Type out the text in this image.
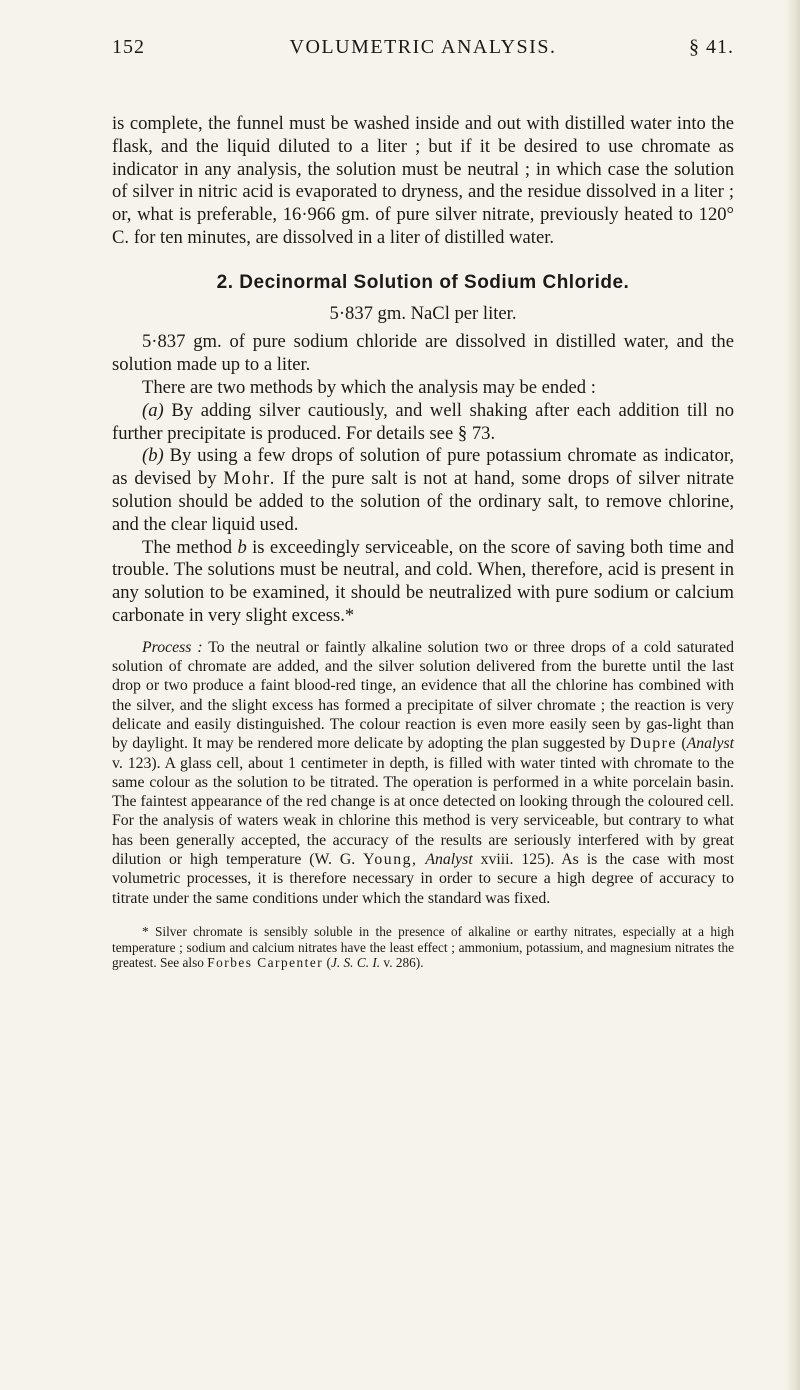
152	VOLUMETRIC ANALYSIS.	§ 41.

is complete, the funnel must be washed inside and out with distilled water into the flask, and the liquid diluted to a liter ; but if it be desired to use chromate as indicator in any analysis, the solution must be neutral ; in which case the solution of silver in nitric acid is evaporated to dryness, and the residue dissolved in a liter ; or, what is preferable, 16·966 gm. of pure silver nitrate, previously heated to 120° C. for ten minutes, are dissolved in a liter of distilled water.

2. Decinormal Solution of Sodium Chloride.
5·837 gm. NaCl per liter.

5·837 gm. of pure sodium chloride are dissolved in distilled water, and the solution made up to a liter.

There are two methods by which the analysis may be ended :

(a) By adding silver cautiously, and well shaking after each addition till no further precipitate is produced. For details see § 73.

(b) By using a few drops of solution of pure potassium chromate as indicator, as devised by Mohr. If the pure salt is not at hand, some drops of silver nitrate solution should be added to the solution of the ordinary salt, to remove chlorine, and the clear liquid used.

The method b is exceedingly serviceable, on the score of saving both time and trouble. The solutions must be neutral, and cold. When, therefore, acid is present in any solution to be examined, it should be neutralized with pure sodium or calcium carbonate in very slight excess.*

Process : To the neutral or faintly alkaline solution two or three drops of a cold saturated solution of chromate are added, and the silver solution delivered from the burette until the last drop or two produce a faint blood-red tinge, an evidence that all the chlorine has combined with the silver, and the slight excess has formed a precipitate of silver chromate ; the reaction is very delicate and easily distinguished. The colour reaction is even more easily seen by gas-light than by daylight. It may be rendered more delicate by adopting the plan suggested by Dupre (Analyst v. 123). A glass cell, about 1 centimeter in depth, is filled with water tinted with chromate to the same colour as the solution to be titrated. The operation is performed in a white porcelain basin. The faintest appearance of the red change is at once detected on looking through the coloured cell. For the analysis of waters weak in chlorine this method is very serviceable, but contrary to what has been generally accepted, the accuracy of the results are seriously interfered with by great dilution or high temperature (W. G. Young, Analyst xviii. 125). As is the case with most volumetric processes, it is therefore necessary in order to secure a high degree of accuracy to titrate under the same conditions under which the standard was fixed.

* Silver chromate is sensibly soluble in the presence of alkaline or earthy nitrates, especially at a high temperature ; sodium and calcium nitrates have the least effect ; ammonium, potassium, and magnesium nitrates the greatest. See also Forbes Carpenter (J. S. C. I. v. 286).
